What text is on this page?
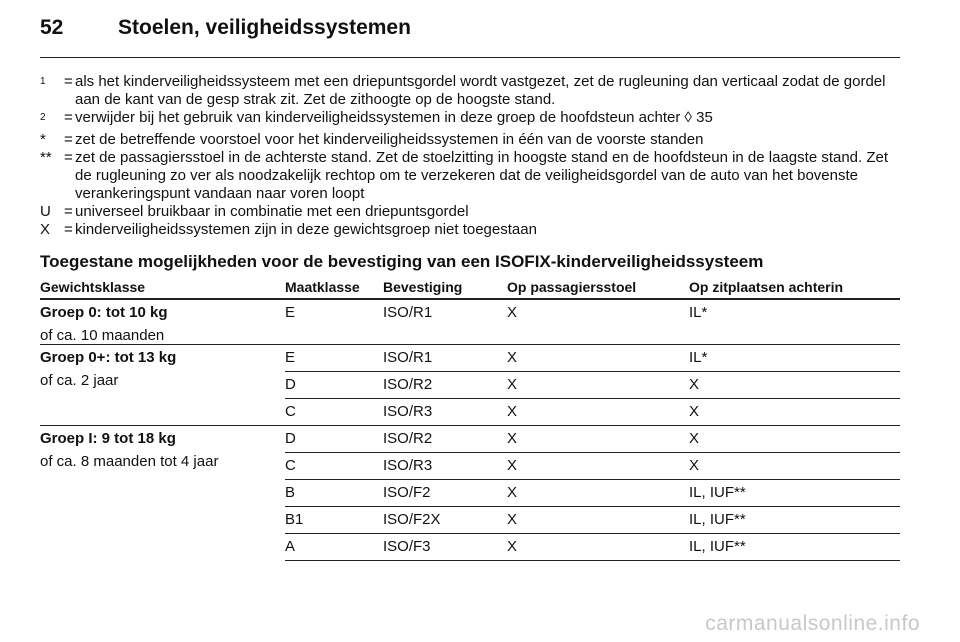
52	Stoelen, veiligheidssystemen
$^1$	= als het kinderveiligheidssysteem met een driepuntsgordel wordt vastgezet, zet de rugleuning dan verticaal zodat de gordel aan de kant van de gesp strak zit. Zet de zithoogte op de hoogste stand.
$^2$	= verwijder bij het gebruik van kinderveiligheidssystemen in deze groep de hoofdsteun achter ◊ 35
*	= zet de betreffende voorstoel voor het kinderveiligheidssystemen in één van de voorste standen
** = zet de passagiersstoel in de achterste stand. Zet de stoelzitting in hoogste stand en de hoofdsteun in de laagste stand. Zet de rugleuning zo ver als noodzakelijk rechtop om te verzekeren dat de veiligheidsgordel van de auto van het bovenste verankeringspunt vandaan naar voren loopt
U = universeel bruikbaar in combinatie met een driepuntsgordel
X = kinderveiligheidssystemen zijn in deze gewichtsgroep niet toegestaan
Toegestane mogelijkheden voor de bevestiging van een ISOFIX-kinderveiligheidssysteem
Gewichtsklasse	Maatklasse	Bevestiging	Op passagiersstoel	Op zitplaatsen achterin

Groep 0: tot 10 kg
of ca. 10 maanden	E	ISO/R1	X	IL*

Groep 0+: tot 13 kg
of ca. 2 jaar	E	ISO/R1	X	IL*
	D	ISO/R2	X	X
	C	ISO/R3	X	X

Groep I: 9 tot 18 kg
of ca. 8 maanden tot 4 jaar	D	ISO/R2	X	X
	C	ISO/R3	X	X
	B	ISO/F2	X	IL, IUF**
	B1	ISO/F2X	X	IL, IUF**
	A	ISO/F3	X	IL, IUF**
carmanualsonline.info
